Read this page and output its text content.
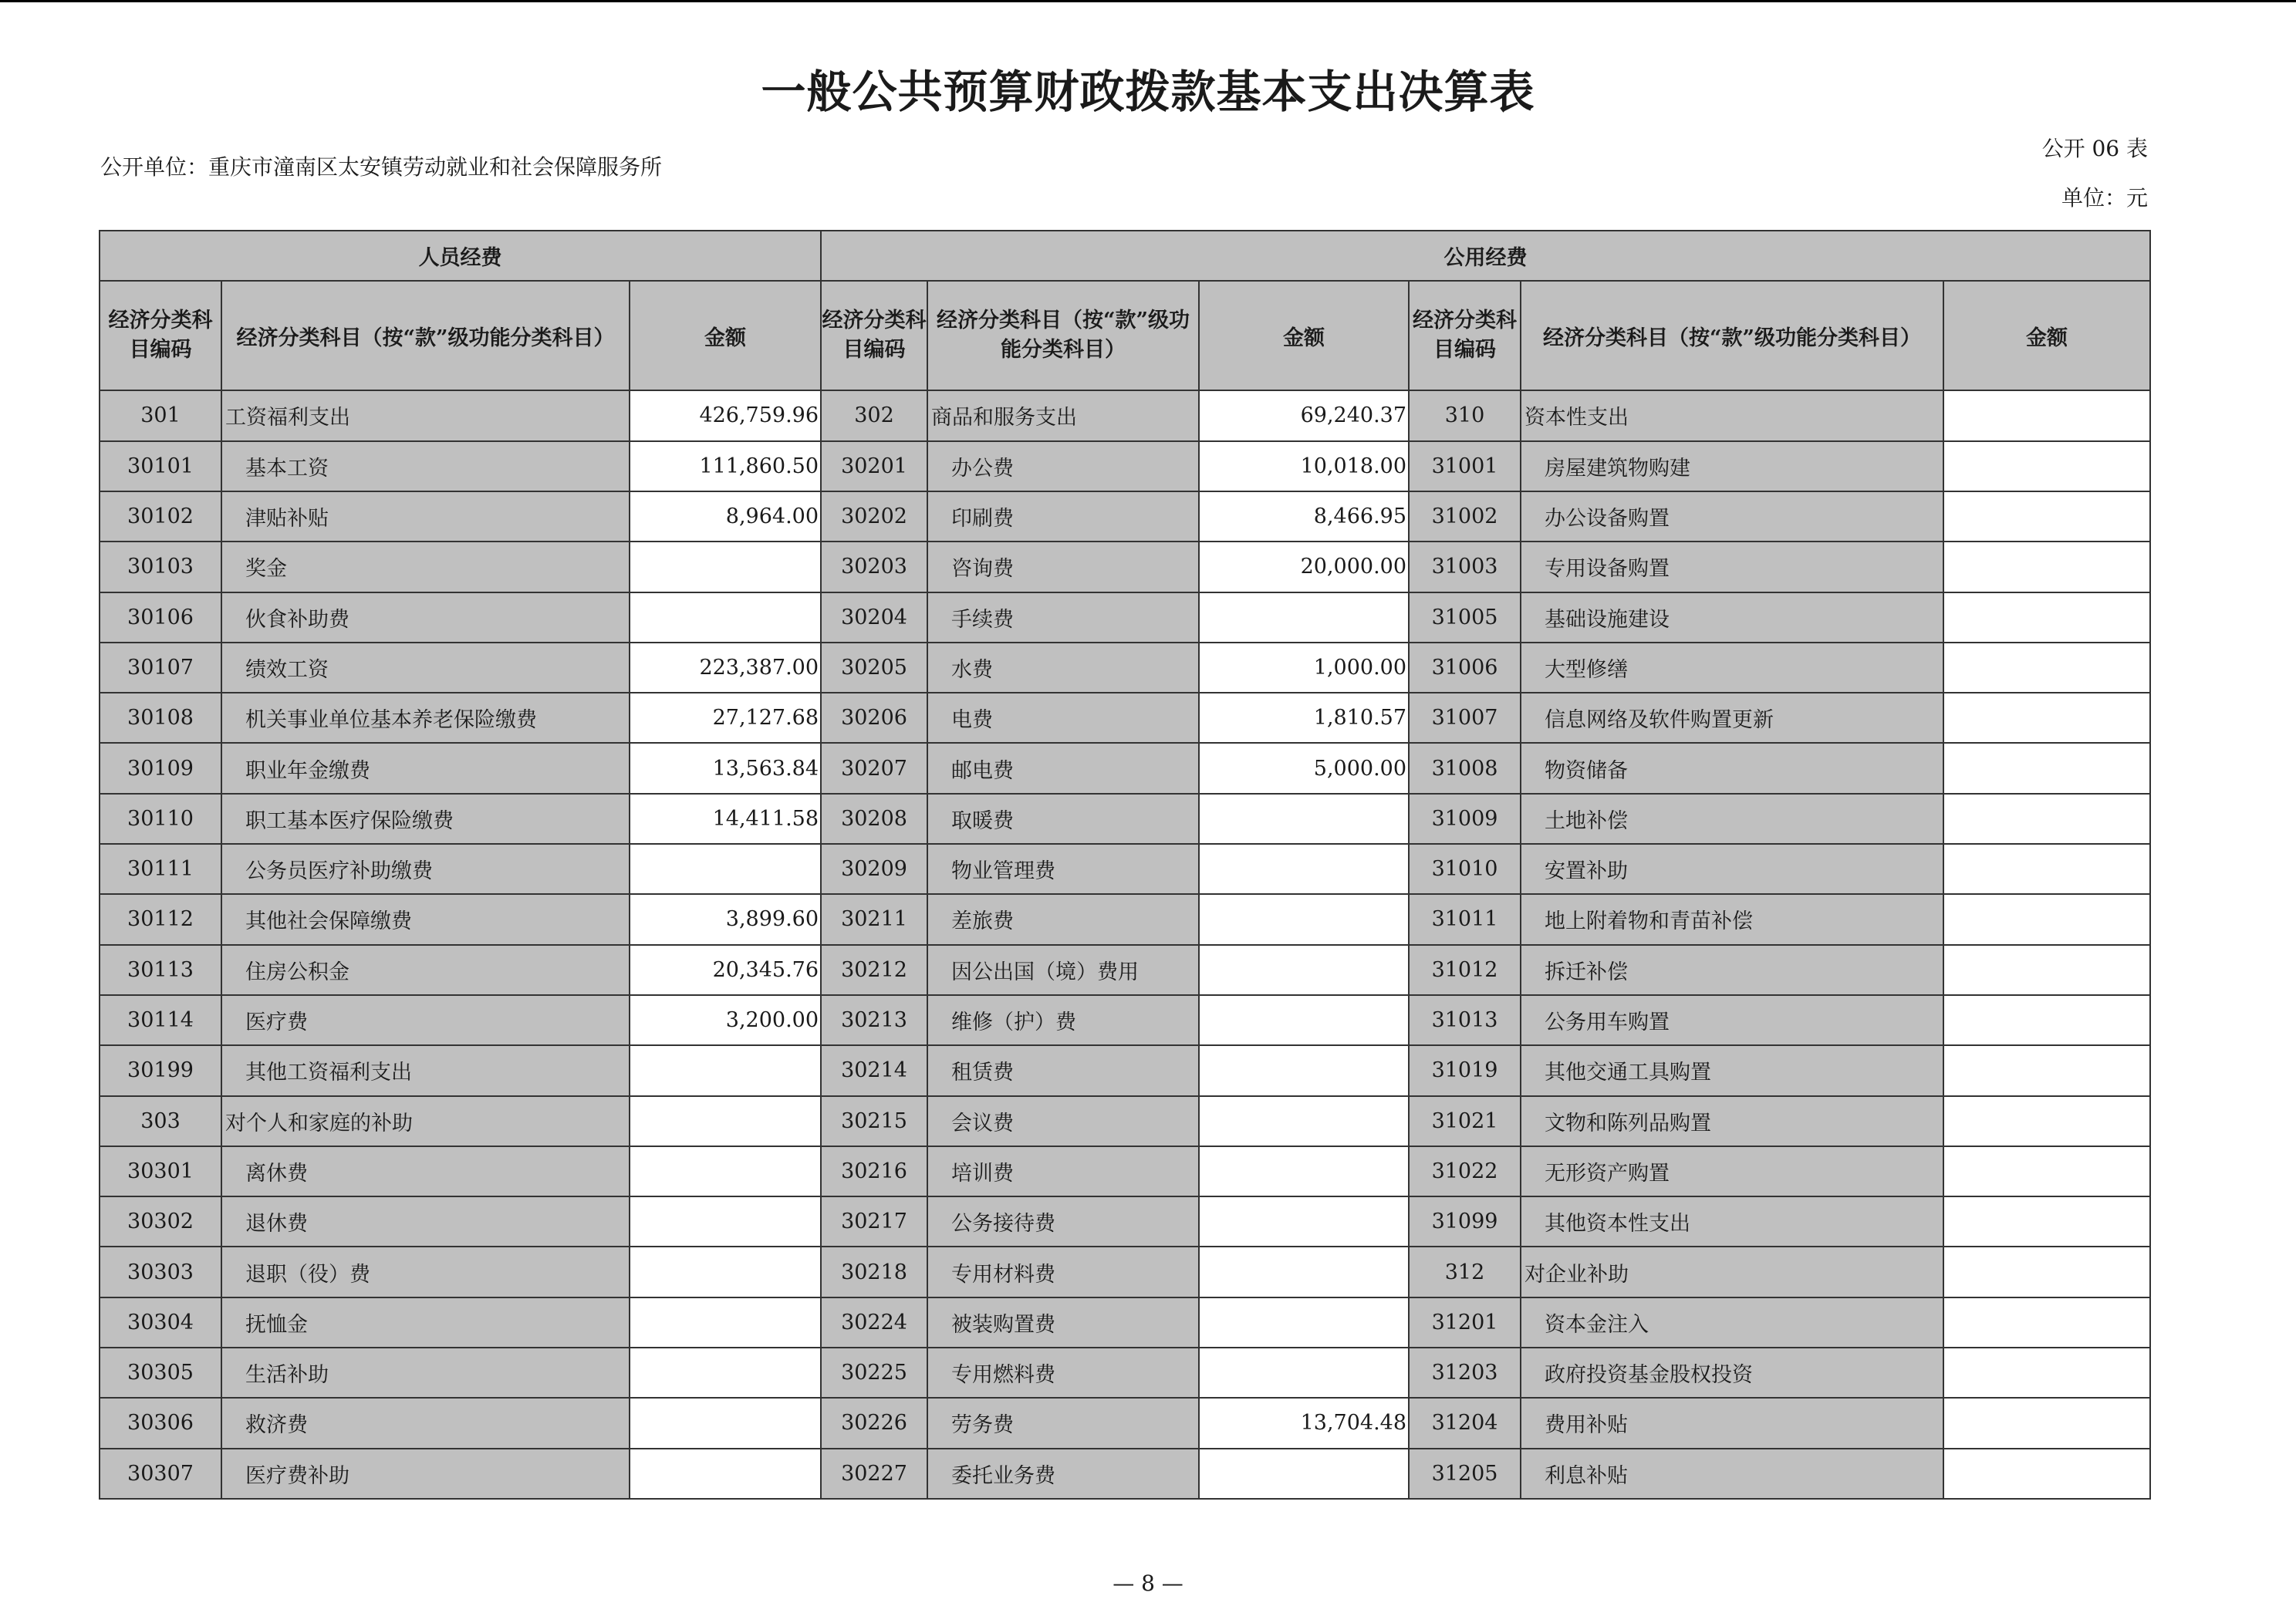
一般公共预算财政拨款基本支出决算表
公开单位：重庆市潼南区太安镇劳动就业和社会保障服务所
公开 06 表
单位：元
人员经费			公用经费					
经济分类科目编码	经济分类科目（按“款”级功能分类科目）	金额	经济分类科目编码	经济分类科目（按“款”级功能分类科目）	金额	经济分类科目编码	经济分类科目（按“款”级功能分类科目）	金额
301	工资福利支出	426,759.96	302	商品和服务支出	69,240.37	310	资本性支出	
30101	基本工资	111,860.50	30201	办公费	10,018.00	31001	房屋建筑物购建	
30102	津贴补贴	8,964.00	30202	印刷费	8,466.95	31002	办公设备购置	
30103	奖金		30203	咨询费	20,000.00	31003	专用设备购置	
30106	伙食补助费		30204	手续费		31005	基础设施建设	
30107	绩效工资	223,387.00	30205	水费	1,000.00	31006	大型修缮	
30108	机关事业单位基本养老保险缴费	27,127.68	30206	电费	1,810.57	31007	信息网络及软件购置更新	
30109	职业年金缴费	13,563.84	30207	邮电费	5,000.00	31008	物资储备	
30110	职工基本医疗保险缴费	14,411.58	30208	取暖费		31009	土地补偿	
30111	公务员医疗补助缴费		30209	物业管理费		31010	安置补助	
30112	其他社会保障缴费	3,899.60	30211	差旅费		31011	地上附着物和青苗补偿	
30113	住房公积金	20,345.76	30212	因公出国（境）费用		31012	拆迁补偿	
30114	医疗费	3,200.00	30213	维修（护）费		31013	公务用车购置	
30199	其他工资福利支出		30214	租赁费		31019	其他交通工具购置	
303	对个人和家庭的补助		30215	会议费		31021	文物和陈列品购置	
30301	离休费		30216	培训费		31022	无形资产购置	
30302	退休费		30217	公务接待费		31099	其他资本性支出	
30303	退职（役）费		30218	专用材料费		312	对企业补助	
30304	抚恤金		30224	被装购置费		31201	资本金注入	
30305	生活补助		30225	专用燃料费		31203	政府投资基金股权投资	
30306	救济费		30226	劳务费	13,704.48	31204	费用补贴	
30307	医疗费补助		30227	委托业务费		31205	利息补贴	
— 8 —
